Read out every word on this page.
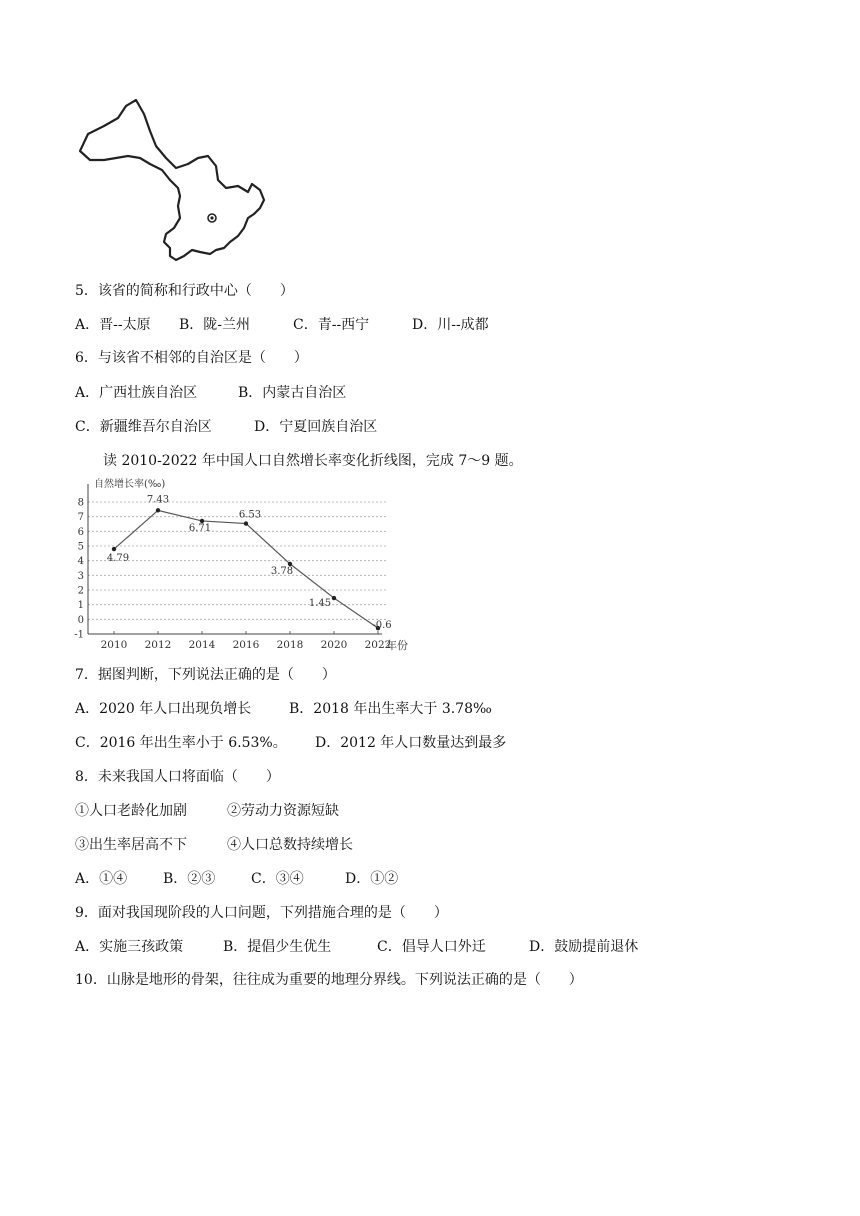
5．该省的简称和行政中心（　　）
A．晋--太原 B．陇-兰州	C．青--西宁	D．川--成都
6．与该省不相邻的自治区是（　　）
A．广西壮族自治区	B．内蒙古自治区
C．新疆维吾尔自治区	D．宁夏回族自治区
读 2010-2022 年中国人口自然增长率变化折线图，完成 7～9 题。
-1
0
1
2
3
4
5
6
7
8
2010 2012 2014 2016 2018 2020 2022
自然增长率(‰)
年份
4.79
7.43
6.71
6.53
3.78
1.45
-0.6
7．据图判断，下列说法正确的是（　　）
A．2020 年人口出现负增长	B．2018 年出生率大于 3.78‰
C．2016 年出生率小于 6.53%。 D．2012 年人口数量达到最多
8．未来我国人口将面临（　　）
①人口老龄化加剧	②劳动力资源短缺
③出生率居高不下	④人口总数持续增长
A．①④	B．②③	C．③④	D．①②
9．面对我国现阶段的人口问题，下列措施合理的是（　　）
A．实施三孩政策	B．提倡少生优生	C．倡导人口外迁	D．鼓励提前退休
10．山脉是地形的骨架，往往成为重要的地理分界线。下列说法正确的是（　　）
